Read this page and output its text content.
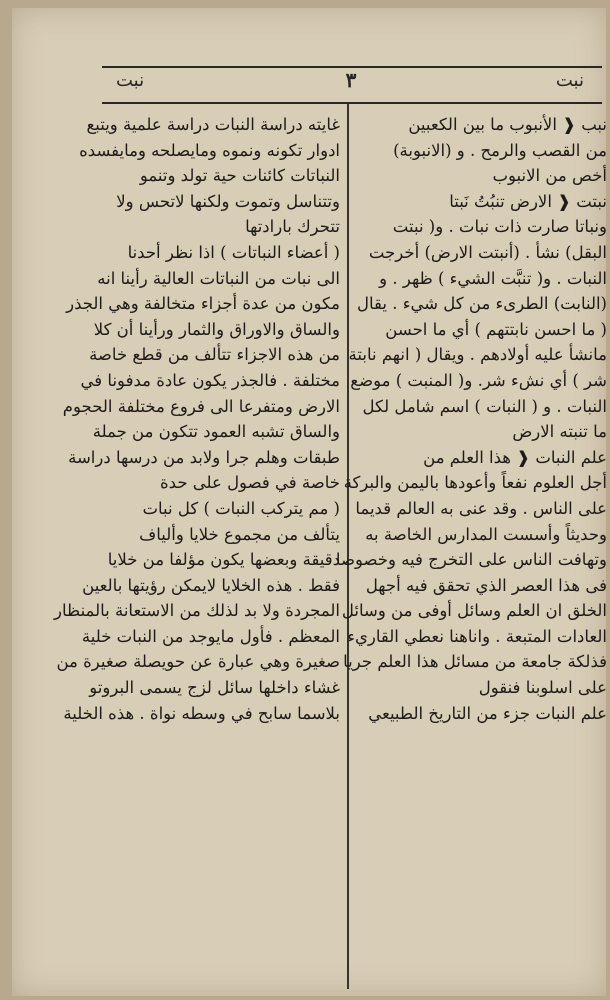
نبت
٣
نبت
نبب ❰ الأنبوب ما بين الكعبين
من القصب والرمح . و (الانبوبة)
أخص من الانبوب
نبتت ❰ الارض تنبُتُ نَبتا
ونباتا صارت ذات نبات . و( نبتت
البقل) نشأ . (أنبتت الارض) أخرجت
النبات . و( تنبَّت الشيء ) ظهر . و
(النابت) الطرىء من كل شيء . يقال
( ما احسن نابتتهم ) أي ما احسن
مانشأ عليه أولادهم . ويقال ( انهم نابتة
شر ) أي نشء شر. و( المنبت ) موضع
النبات . و ( النبات ) اسم شامل لكل
ما تنبته الارض
علم النبات ❰ هذا العلم من
أجل العلوم نفعاً وأعودها باليمن والبركة
على الناس . وقد عنى به العالم قديما
وحديثاً وأسست المدارس الخاصة به
وتهافت الناس على التخرج فيه وخصوصا
فى هذا العصر الذي تحقق فيه أجهل
الخلق ان العلم وسائل أوفى من وسائل
العادات المتبعة . واناهنا نعطي القاريء
فذلكة جامعة من مسائل هذا العلم جريا
على اسلوبنا فنقول
علم النبات جزء من التاريخ الطبيعي
غايته دراسة النبات دراسة علمية ويتبع
ادوار تكونه ونموه ومايصلحه ومايفسده
النباتات كائنات حية تولد وتنمو
وتتناسل وتموت ولكنها لاتحس ولا
تتحرك بارادتها
( أعضاء النباتات ) اذا نظر أحدنا
الى نبات من النباتات العالية رأينا انه
مكون من عدة أجزاء متخالفة وهي الجذر
والساق والاوراق والثمار ورأينا أن كلا
من هذه الاجزاء تتألف من قطع خاصة
مختلفة . فالجذر يكون عادة مدفونا في
الارض ومتفرعا الى فروع مختلفة الحجوم
والساق تشبه العمود تتكون من جملة
طبقات وهلم جرا ولابد من درسها دراسة
خاصة في فصول على حدة
( مم يتركب النبات ) كل نبات
يتألف من مجموع خلايا وألياف
دقيقة وبعضها يكون مؤلفا من خلايا
فقط . هذه الخلايا لايمكن رؤيتها بالعين
المجردة ولا بد لذلك من الاستعانة بالمنظار
المعظم . فأول مايوجد من النبات خلية
صغيرة وهي عبارة عن حويصلة صغيرة من
غشاء داخلها سائل لزج يسمى البروتو
بلاسما سابح في وسطه نواة . هذه الخلية
